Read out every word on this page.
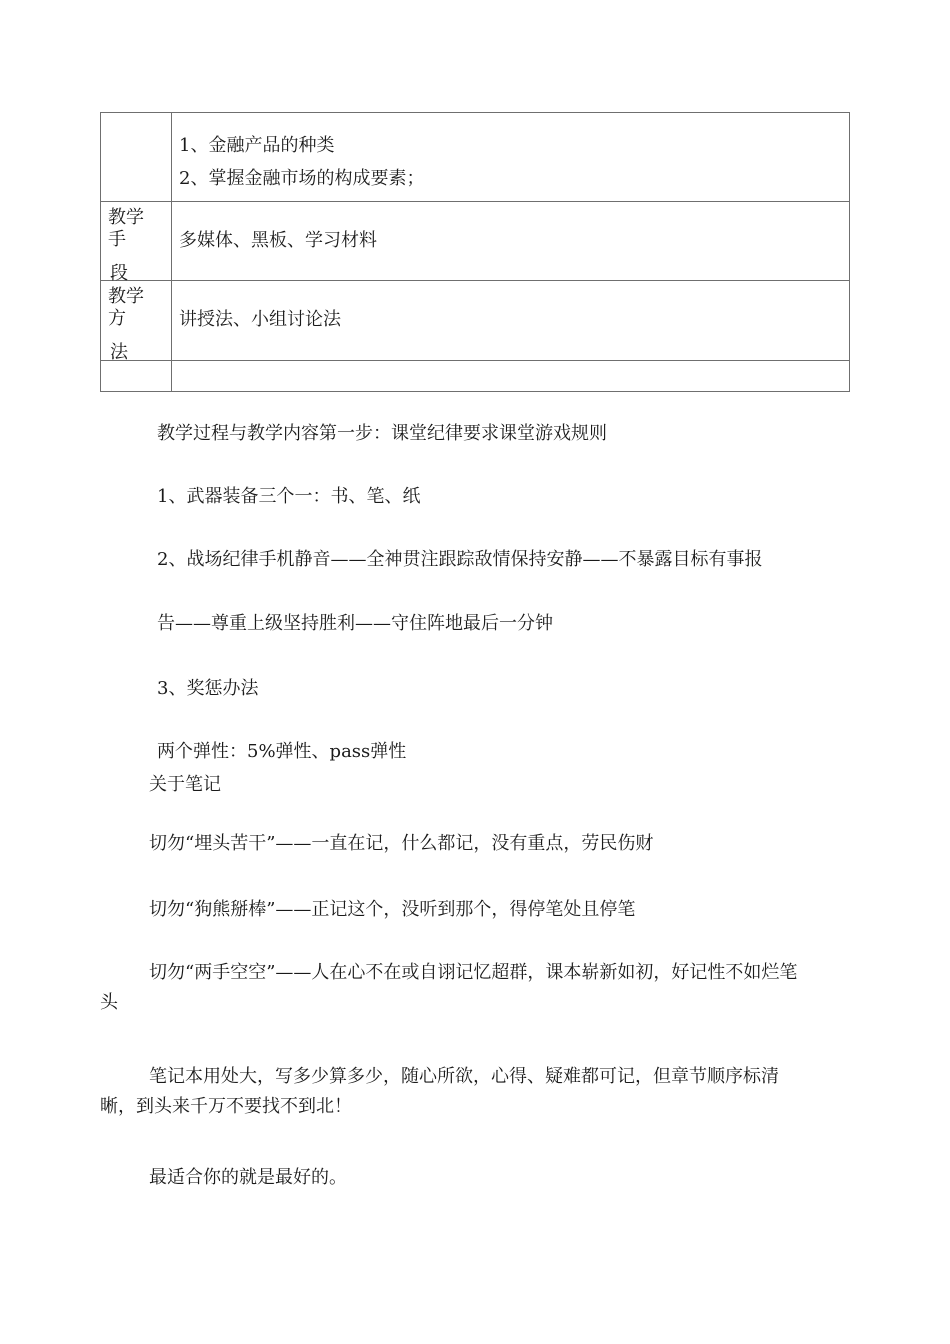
	1、金融产品的种类
2、掌握金融市场的构成要素；

教学
手
段	多媒体、黑板、学习材料

教学
方
法	讲授法、小组讨论法

教学过程与教学内容第一步：课堂纪律要求课堂游戏规则
1、武器装备三个一：书、笔、纸
2、战场纪律手机静音——全神贯注跟踪敌情保持安静——不暴露目标有事报
告——尊重上级坚持胜利——守住阵地最后一分钟
3、奖惩办法
两个弹性：5%弹性、pass弹性
关于笔记
切勿“埋头苦干”——一直在记，什么都记，没有重点，劳民伤财
切勿“狗熊掰棒”——正记这个，没听到那个，得停笔处且停笔
切勿“两手空空”——人在心不在或自诩记忆超群，课本崭新如初，好记性不如烂笔头
笔记本用处大，写多少算多少，随心所欲，心得、疑难都可记，但章节顺序标清晰，到头来千万不要找不到北！
最适合你的就是最好的。
